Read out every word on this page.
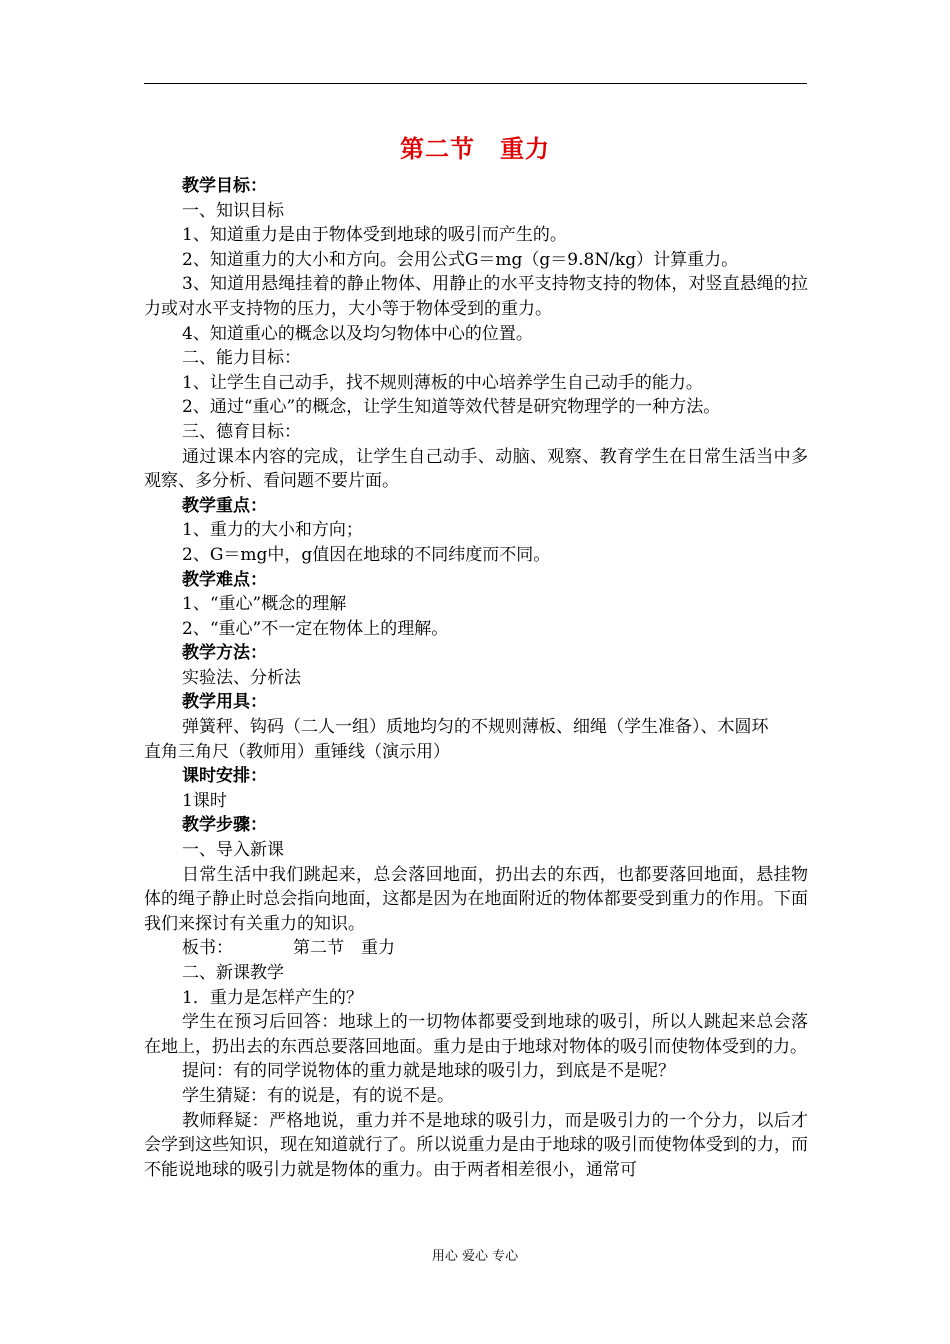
第二节　重力
教学目标：
一、知识目标
1、知道重力是由于物体受到地球的吸引而产生的。
2、知道重力的大小和方向。会用公式G＝mg（g＝9.8N/kg）计算重力。
3、知道用悬绳挂着的静止物体、用静止的水平支持物支持的物体，对竖直悬绳的拉力或对水平支持物的压力，大小等于物体受到的重力。
4、知道重心的概念以及均匀物体中心的位置。
二、能力目标：
1、让学生自己动手，找不规则薄板的中心培养学生自己动手的能力。
2、通过“重心”的概念，让学生知道等效代替是研究物理学的一种方法。
三、德育目标：
通过课本内容的完成，让学生自己动手、动脑、观察、教育学生在日常生活当中多观察、多分析、看问题不要片面。
教学重点：
1、重力的大小和方向；
2、G＝mg中，g值因在地球的不同纬度而不同。
教学难点：
1、“重心”概念的理解
2、“重心”不一定在物体上的理解。
教学方法：
实验法、分析法
教学用具：
弹簧秤、钩码（二人一组）质地均匀的不规则薄板、细绳（学生准备）、木圆环
直角三角尺（教师用）重锤线（演示用）
课时安排：
1课时
教学步骤：
一、导入新课
日常生活中我们跳起来，总会落回地面，扔出去的东西，也都要落回地面，悬挂物体的绳子静止时总会指向地面，这都是因为在地面附近的物体都要受到重力的作用。下面我们来探讨有关重力的知识。
板书：	第二节　重力
二、新课教学
1．重力是怎样产生的？
学生在预习后回答：地球上的一切物体都要受到地球的吸引，所以人跳起来总会落在地上，扔出去的东西总要落回地面。重力是由于地球对物体的吸引而使物体受到的力。
提问：有的同学说物体的重力就是地球的吸引力，到底是不是呢？
学生猜疑：有的说是，有的说不是。
教师释疑：严格地说，重力并不是地球的吸引力，而是吸引力的一个分力，以后才会学到这些知识，现在知道就行了。所以说重力是由于地球的吸引而使物体受到的力，而不能说地球的吸引力就是物体的重力。由于两者相差很小，通常可
用心 爱心 专心
